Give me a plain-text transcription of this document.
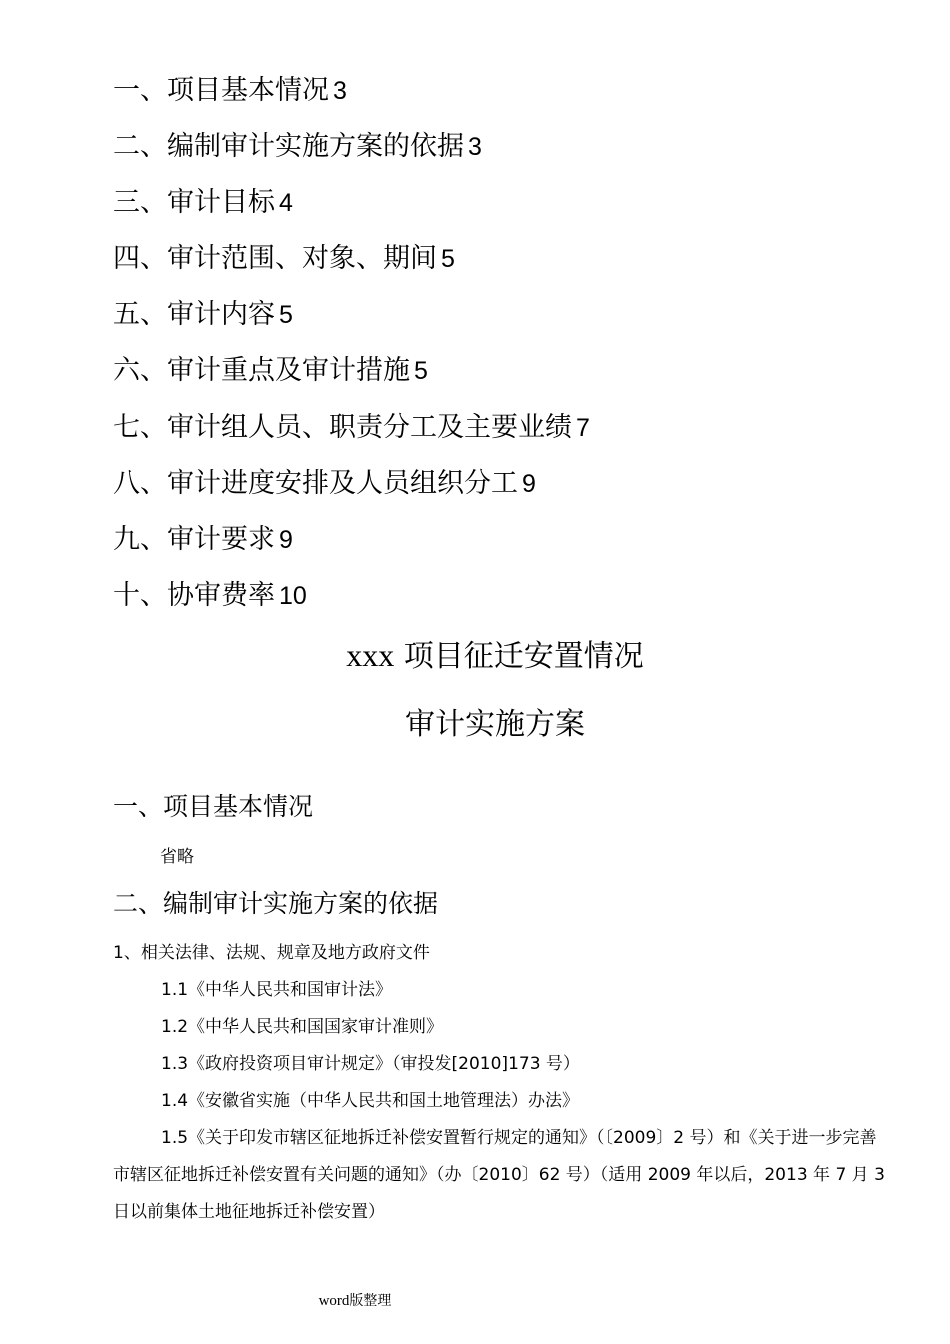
一、项目基本情况 3
二、编制审计实施方案的依据 3
三、审计目标 4
四、审计范围、对象、期间 5
五、审计内容 5
六、审计重点及审计措施 5
七、审计组人员、职责分工及主要业绩 7
八、审计进度安排及人员组织分工 9
九、审计要求 9
十、协审费率 10
xxx 项目征迁安置情况
审计实施方案
一、项目基本情况
省略
二、编制审计实施方案的依据
1、相关法律、法规、规章及地方政府文件
1.1《中华人民共和国审计法》
1.2《中华人民共和国国家审计准则》
1.3《政府投资项目审计规定》（审投发[2010]173 号）
1.4《安徽省实施（中华人民共和国土地管理法）办法》
1.5《关于印发市辖区征地拆迁补偿安置暂行规定的通知》（〔2009〕2 号）和《关于进一步完善市辖区征地拆迁补偿安置有关问题的通知》（办〔2010〕62 号）（适用 2009 年以后，2013 年 7 月 3 日以前集体土地征地拆迁补偿安置）
word版整理
